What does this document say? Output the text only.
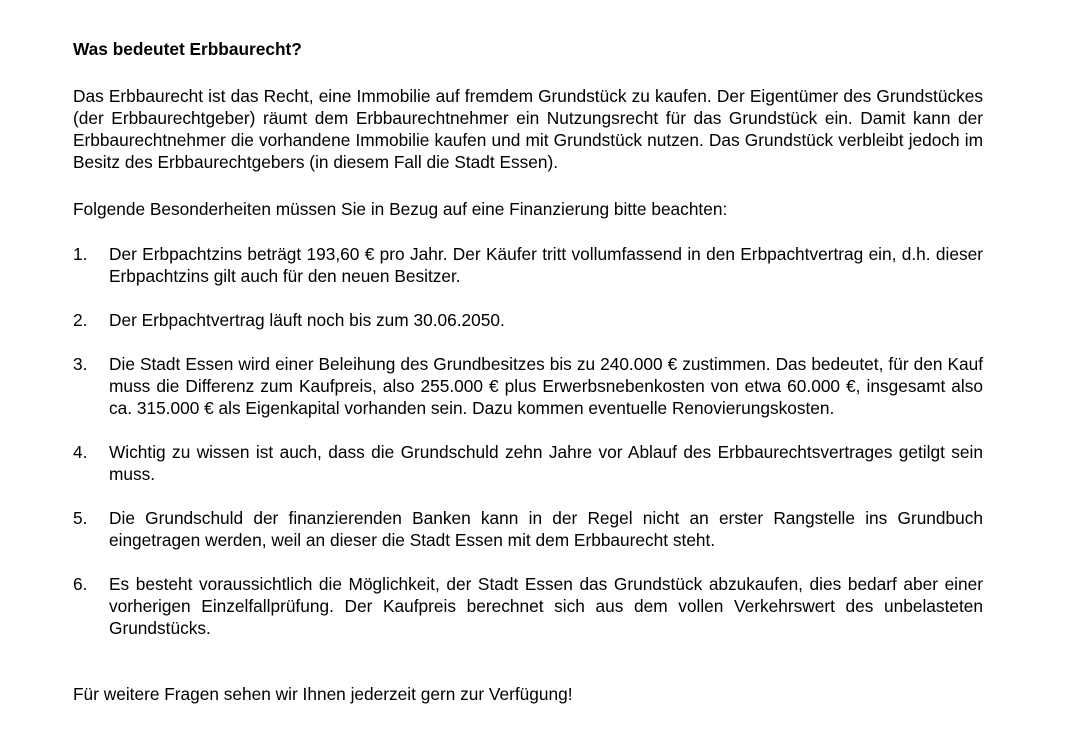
Was bedeutet Erbbaurecht?

Das Erbbaurecht ist das Recht, eine Immobilie auf fremdem Grundstück zu kaufen. Der Eigentümer des Grundstückes (der Erbbaurechtgeber) räumt dem Erbbaurechtnehmer ein Nutzungsrecht für das Grundstück ein. Damit kann der Erbbaurechtnehmer die vorhandene Immobilie kaufen und mit Grundstück nutzen. Das Grundstück verbleibt jedoch im Besitz des Erbbaurechtgebers (in diesem Fall die Stadt Essen).

Folgende Besonderheiten müssen Sie in Bezug auf eine Finanzierung bitte beachten:

1. Der Erbpachtzins beträgt 193,60 € pro Jahr. Der Käufer tritt vollumfassend in den Erbpachtvertrag ein, d.h. dieser Erbpachtzins gilt auch für den neuen Besitzer.
2. Der Erbpachtvertrag läuft noch bis zum 30.06.2050.
3. Die Stadt Essen wird einer Beleihung des Grundbesitzes bis zu 240.000 € zustimmen. Das bedeutet, für den Kauf muss die Differenz zum Kaufpreis, also 255.000 € plus Erwerbsnebenkosten von etwa 60.000 €, insgesamt also ca. 315.000 € als Eigenkapital vorhanden sein. Dazu kommen eventuelle Renovierungskosten.
4. Wichtig zu wissen ist auch, dass die Grundschuld zehn Jahre vor Ablauf des Erbbaurechtsvertrages getilgt sein muss.
5. Die Grundschuld der finanzierenden Banken kann in der Regel nicht an erster Rangstelle ins Grundbuch eingetragen werden, weil an dieser die Stadt Essen mit dem Erbbaurecht steht.
6. Es besteht voraussichtlich die Möglichkeit, der Stadt Essen das Grundstück abzukaufen, dies bedarf aber einer vorherigen Einzelfallprüfung. Der Kaufpreis berechnet sich aus dem vollen Verkehrswert des unbelasteten Grundstücks.

Für weitere Fragen sehen wir Ihnen jederzeit gern zur Verfügung!
